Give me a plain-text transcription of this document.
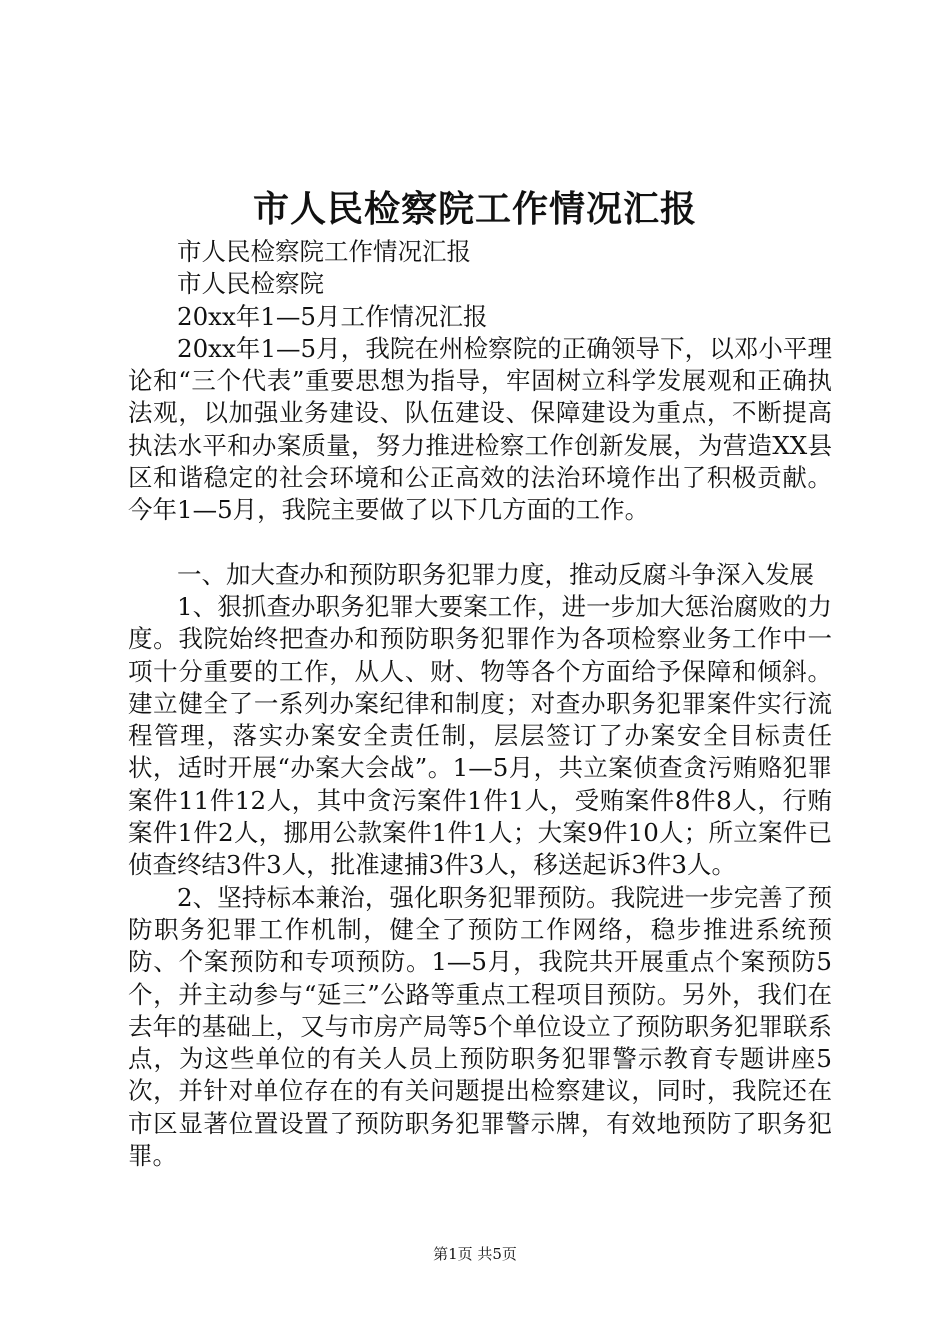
市人民检察院工作情况汇报

市人民检察院工作情况汇报

市人民检察院

20xx年1—5月工作情况汇报

20xx年1—5月，我院在州检察院的正确领导下，以邓小平理论和“三个代表”重要思想为指导，牢固树立科学发展观和正确执法观，以加强业务建设、队伍建设、保障建设为重点，不断提高执法水平和办案质量，努力推进检察工作创新发展，为营造XX县区和谐稳定的社会环境和公正高效的法治环境作出了积极贡献。今年1—5月，我院主要做了以下几方面的工作。

一、加大查办和预防职务犯罪力度，推动反腐斗争深入发展

1、狠抓查办职务犯罪大要案工作，进一步加大惩治腐败的力度。我院始终把查办和预防职务犯罪作为各项检察业务工作中一项十分重要的工作，从人、财、物等各个方面给予保障和倾斜。建立健全了一系列办案纪律和制度；对查办职务犯罪案件实行流程管理，落实办案安全责任制，层层签订了办案安全目标责任状，适时开展“办案大会战”。1—5月，共立案侦查贪污贿赂犯罪案件11件12人，其中贪污案件1件1人，受贿案件8件8人，行贿案件1件2人，挪用公款案件1件1人；大案9件10人；所立案件已侦查终结3件3人，批准逮捕3件3人，移送起诉3件3人。

2、坚持标本兼治，强化职务犯罪预防。我院进一步完善了预防职务犯罪工作机制，健全了预防工作网络，稳步推进系统预防、个案预防和专项预防。1—5月，我院共开展重点个案预防5个，并主动参与“延三”公路等重点工程项目预防。另外，我们在去年的基础上，又与市房产局等5个单位设立了预防职务犯罪联系点，为这些单位的有关人员上预防职务犯罪警示教育专题讲座5次，并针对单位存在的有关问题提出检察建议，同时，我院还在市区显著位置设置了预防职务犯罪警示牌，有效地预防了职务犯罪。

第1页 共5页
